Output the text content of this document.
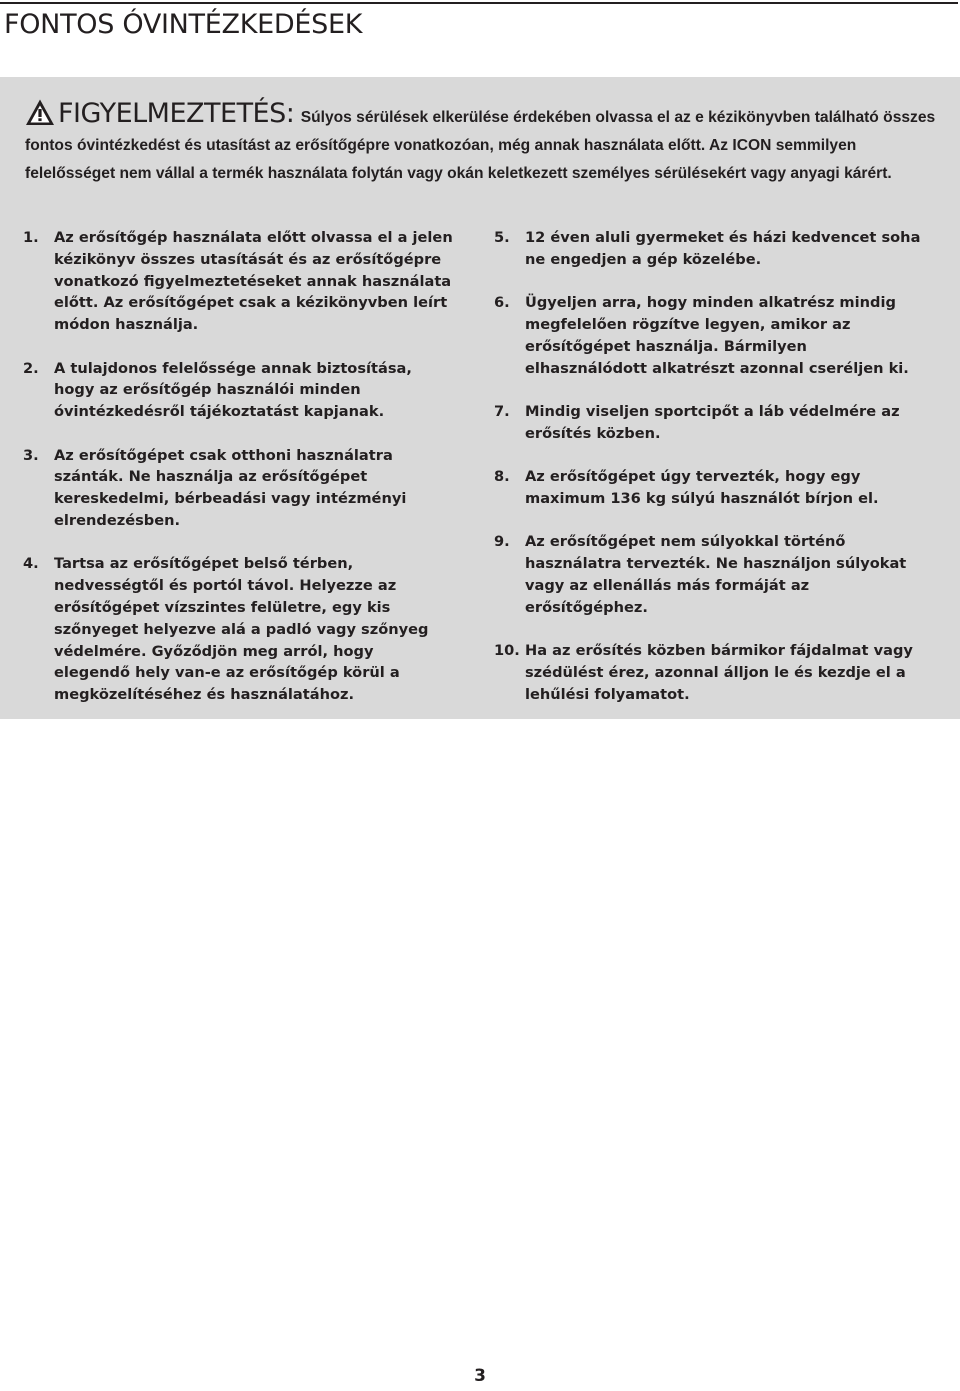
FONTOS ÓVINTÉZKEDÉSEK
FIGYELMEZTETÉS: Súlyos sérülések elkerülése érdekében olvassa el az e kézikönyvben található összes fontos óvintézkedést és utasítást az erősítőgépre vonatkozóan, még annak használata előtt. Az ICON semmilyen felelősséget nem vállal a termék használata folytán vagy okán keletkezett személyes sérülésekért vagy anyagi kárért.
1.	Az erősítőgép használata előtt olvassa el a jelen kézikönyv összes utasítását és az erősítőgépre vonatkozó figyelmeztetéseket annak használata előtt. Az erősítőgépet csak a kézikönyvben leírt módon használja.
2.	A tulajdonos felelőssége annak biztosítása, hogy az erősítőgép használói minden óvintézkedésről tájékoztatást kapjanak.
3.	Az erősítőgépet csak otthoni használatra szánták. Ne használja az erősítőgépet kereskedelmi, bérbeadási vagy intézményi elrendezésben.
4.	Tartsa az erősítőgépet belső térben, nedvességtől és portól távol. Helyezze az erősítőgépet vízszintes felületre, egy kis szőnyeget helyezve alá a padló vagy szőnyeg védelmére. Győződjön meg arról, hogy elegendő hely van-e az erősítőgép körül a megközelítéséhez és használatához.
5.	12 éven aluli gyermeket és házi kedvencet soha ne engedjen a gép közelébe.
6.	Ügyeljen arra, hogy minden alkatrész mindig megfelelően rögzítve legyen, amikor az erősítőgépet használja. Bármilyen elhasználódott alkatrészt azonnal cseréljen ki.
7.	Mindig viseljen sportcipőt a láb védelmére az erősítés közben.
8.	Az erősítőgépet úgy tervezték, hogy egy maximum 136 kg súlyú használót bírjon el.
9.	Az erősítőgépet nem súlyokkal történő használatra tervezték. Ne használjon súlyokat vagy az ellenállás más formáját az erősítőgéphez.
10. Ha az erősítés közben bármikor fájdalmat vagy szédülést érez, azonnal álljon le és kezdje el a lehűlési folyamatot.
3
